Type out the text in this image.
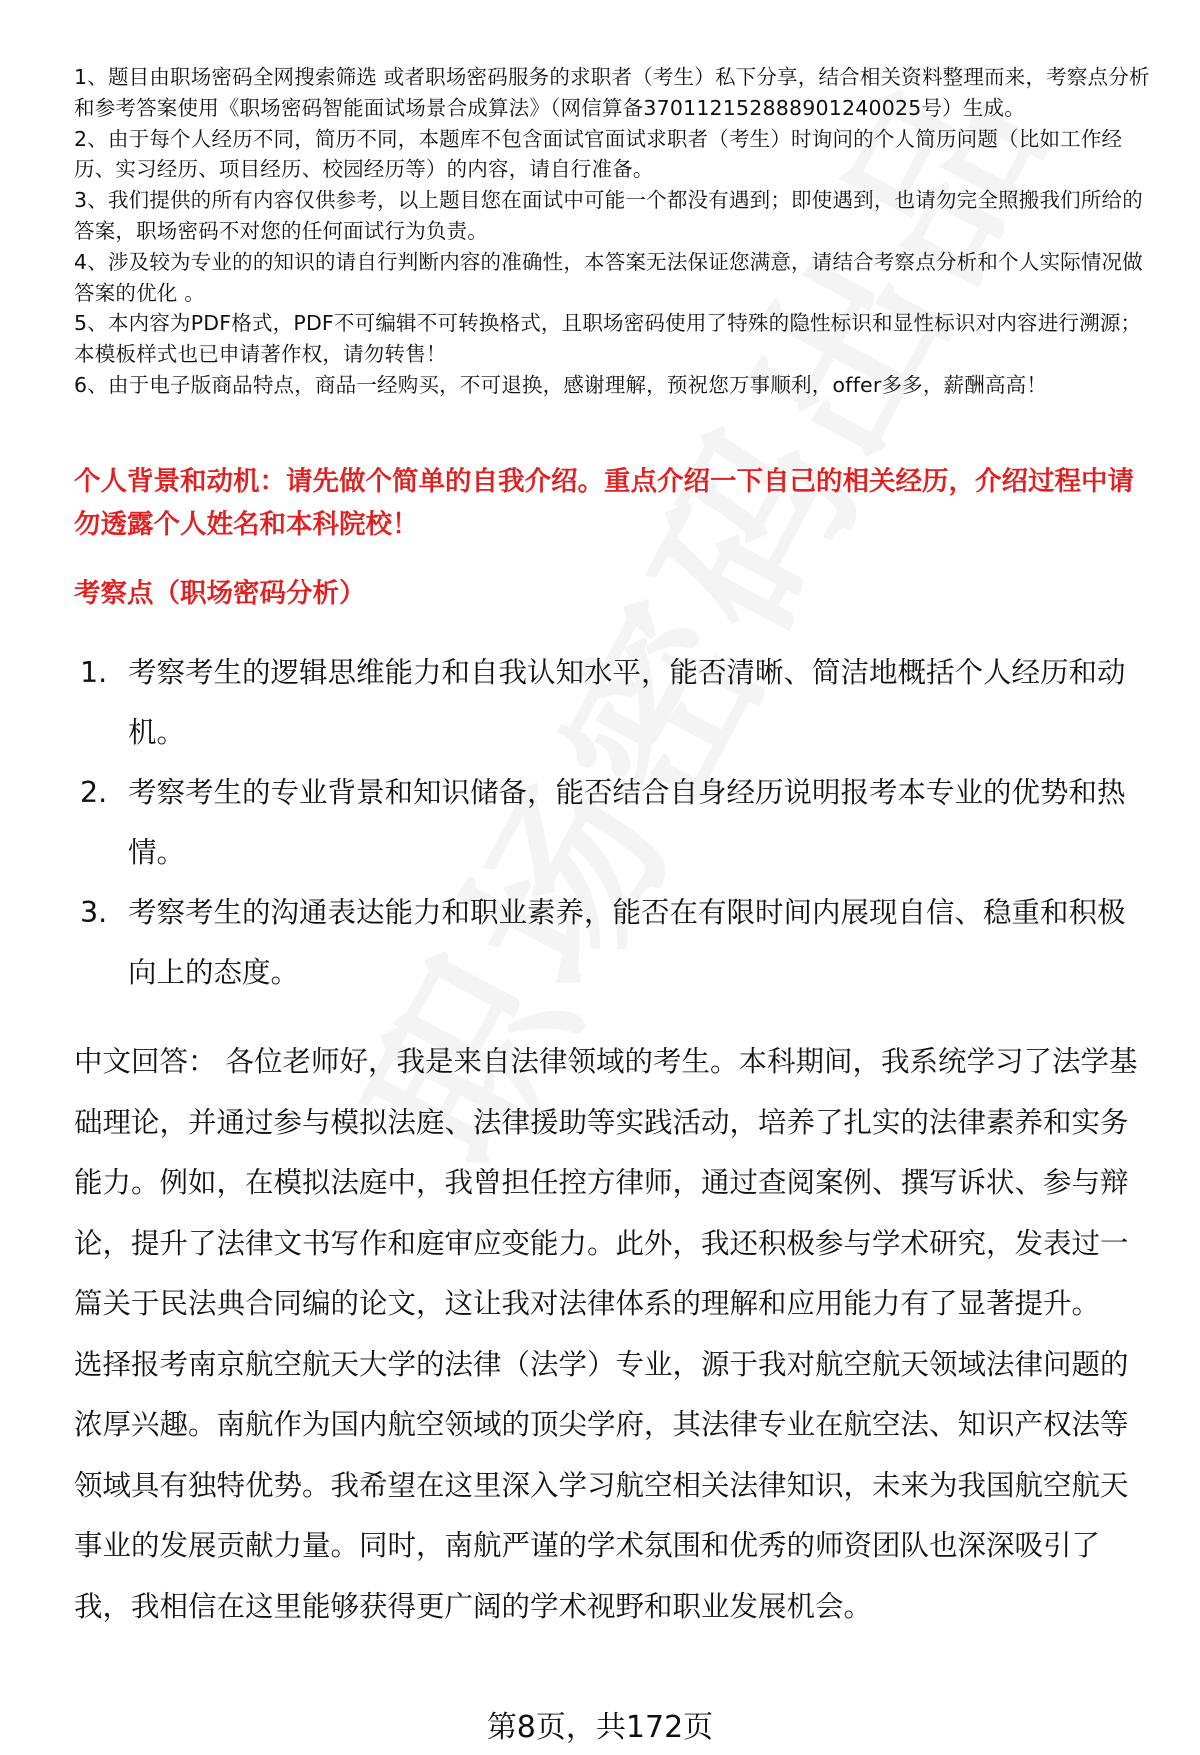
1、题目由职场密码全网搜索筛选 或者职场密码服务的求职者（考生）私下分享，结合相关资料整理而来，考察点分析和参考答案使用《职场密码智能面试场景合成算法》（网信算备370112152888901240025号）生成。

2、由于每个人经历不同，简历不同，本题库不包含面试官面试求职者（考生）时询问的个人简历问题（比如工作经历、实习经历、项目经历、校园经历等）的内容，请自行准备。

3、我们提供的所有内容仅供参考，以上题目您在面试中可能一个都没有遇到；即使遇到，也请勿完全照搬我们所给的答案，职场密码不对您的任何面试行为负责。

4、涉及较为专业的的知识的请自行判断内容的准确性，本答案无法保证您满意，请结合考察点分析和个人实际情况做答案的优化 。

5、本内容为PDF格式，PDF不可编辑不可转换格式，且职场密码使用了特殊的隐性标识和显性标识对内容进行溯源；本模板样式也已申请著作权，请勿转售！

6、由于电子版商品特点，商品一经购买，不可退换，感谢理解，预祝您万事顺利，offer多多，薪酬高高！

个人背景和动机：请先做个简单的自我介绍。重点介绍一下自己的相关经历，介绍过程中请勿透露个人姓名和本科院校！

考察点（职场密码分析）

1. 考察考生的逻辑思维能力和自我认知水平，能否清晰、简洁地概括个人经历和动机。
2. 考察考生的专业背景和知识储备，能否结合自身经历说明报考本专业的优势和热情。
3. 考察考生的沟通表达能力和职业素养，能否在有限时间内展现自信、稳重和积极向上的态度。

中文回答： 各位老师好，我是来自法律领域的考生。本科期间，我系统学习了法学基础理论，并通过参与模拟法庭、法律援助等实践活动，培养了扎实的法律素养和实务能力。例如，在模拟法庭中，我曾担任控方律师，通过查阅案例、撰写诉状、参与辩论，提升了法律文书写作和庭审应变能力。此外，我还积极参与学术研究，发表过一篇关于民法典合同编的论文，这让我对法律体系的理解和应用能力有了显著提升。

选择报考南京航空航天大学的法律（法学）专业，源于我对航空航天领域法律问题的浓厚兴趣。南航作为国内航空领域的顶尖学府，其法律专业在航空法、知识产权法等领域具有独特优势。我希望在这里深入学习航空相关法律知识，未来为我国航空航天事业的发展贡献力量。同时，南航严谨的学术氛围和优秀的师资团队也深深吸引了我，我相信在这里能够获得更广阔的学术视野和职业发展机会。

第8页，共172页
